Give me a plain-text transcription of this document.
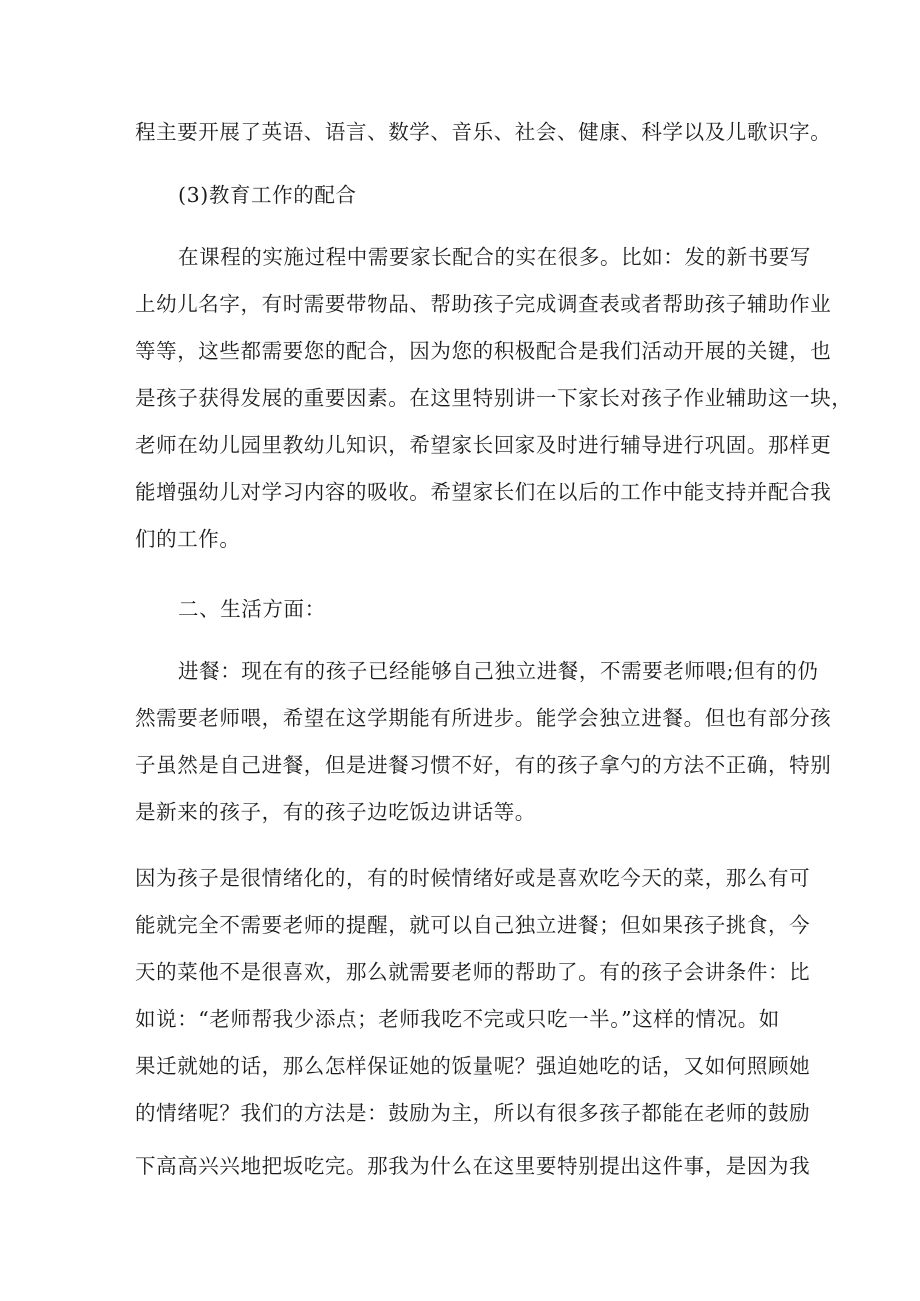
程主要开展了英语、语言、数学、音乐、社会、健康、科学以及儿歌识字。
(3)教育工作的配合
在课程的实施过程中需要家长配合的实在很多。比如：发的新书要写
上幼儿名字，有时需要带物品、帮助孩子完成调查表或者帮助孩子辅助作业
等等，这些都需要您的配合，因为您的积极配合是我们活动开展的关键，也
是孩子获得发展的重要因素。在这里特别讲一下家长对孩子作业辅助这一块，
老师在幼儿园里教幼儿知识，希望家长回家及时进行辅导进行巩固。那样更
能增强幼儿对学习内容的吸收。希望家长们在以后的工作中能支持并配合我
们的工作。
二、生活方面：
进餐：现在有的孩子已经能够自己独立进餐，不需要老师喂;但有的仍
然需要老师喂，希望在这学期能有所进步。能学会独立进餐。但也有部分孩
子虽然是自己进餐，但是进餐习惯不好，有的孩子拿勺的方法不正确，特别
是新来的孩子，有的孩子边吃饭边讲话等。
因为孩子是很情绪化的，有的时候情绪好或是喜欢吃今天的菜，那么有可
能就完全不需要老师的提醒，就可以自己独立进餐；但如果孩子挑食，今
天的菜他不是很喜欢，那么就需要老师的帮助了。有的孩子会讲条件：比
如说：“老师帮我少添点；老师我吃不完或只吃一半。”这样的情况。如
果迁就她的话，那么怎样保证她的饭量呢？强迫她吃的话，又如何照顾她
的情绪呢？我们的方法是：鼓励为主，所以有很多孩子都能在老师的鼓励
下高高兴兴地把坂吃完。那我为什么在这里要特别提出这件事，是因为我
